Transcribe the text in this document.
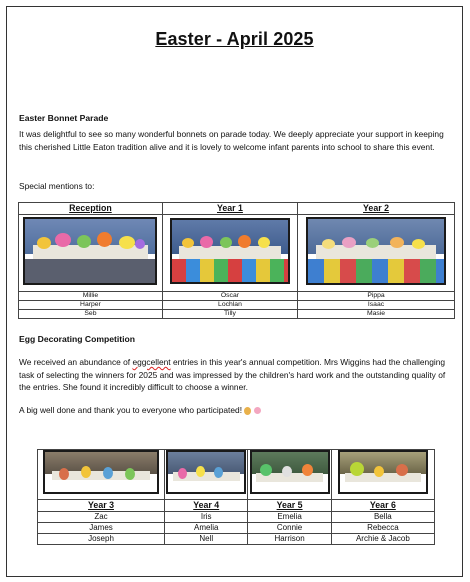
Easter - April 2025
Easter Bonnet Parade
It was delightful to see so many wonderful bonnets on parade today. We deeply appreciate your support in keeping this cherished Little Eaton tradition alive and it is lovely to welcome infant parents into school to share this event.
Special mentions to:
Reception	Year 1	Year 2

Millie	Oscar	Pippa
Harper	Lochlan	Isaac
Seb	Tilly	Masie
Egg Decorating Competition
We received an abundance of eggcellent entries in this year's annual competition. Mrs Wiggins had the challenging task of selecting the winners for 2025 and was impressed by the children's hard work and the outstanding quality of the entries. She found it incredibly difficult to choose a winner.
A big well done and thank you to everyone who participated!

Year 3	Year 4	Year 5	Year 6
Zac	Iris	Emelia	Bella
James	Amelia	Connie	Rebecca
Joseph	Nell	Harrison	Archie & Jacob
